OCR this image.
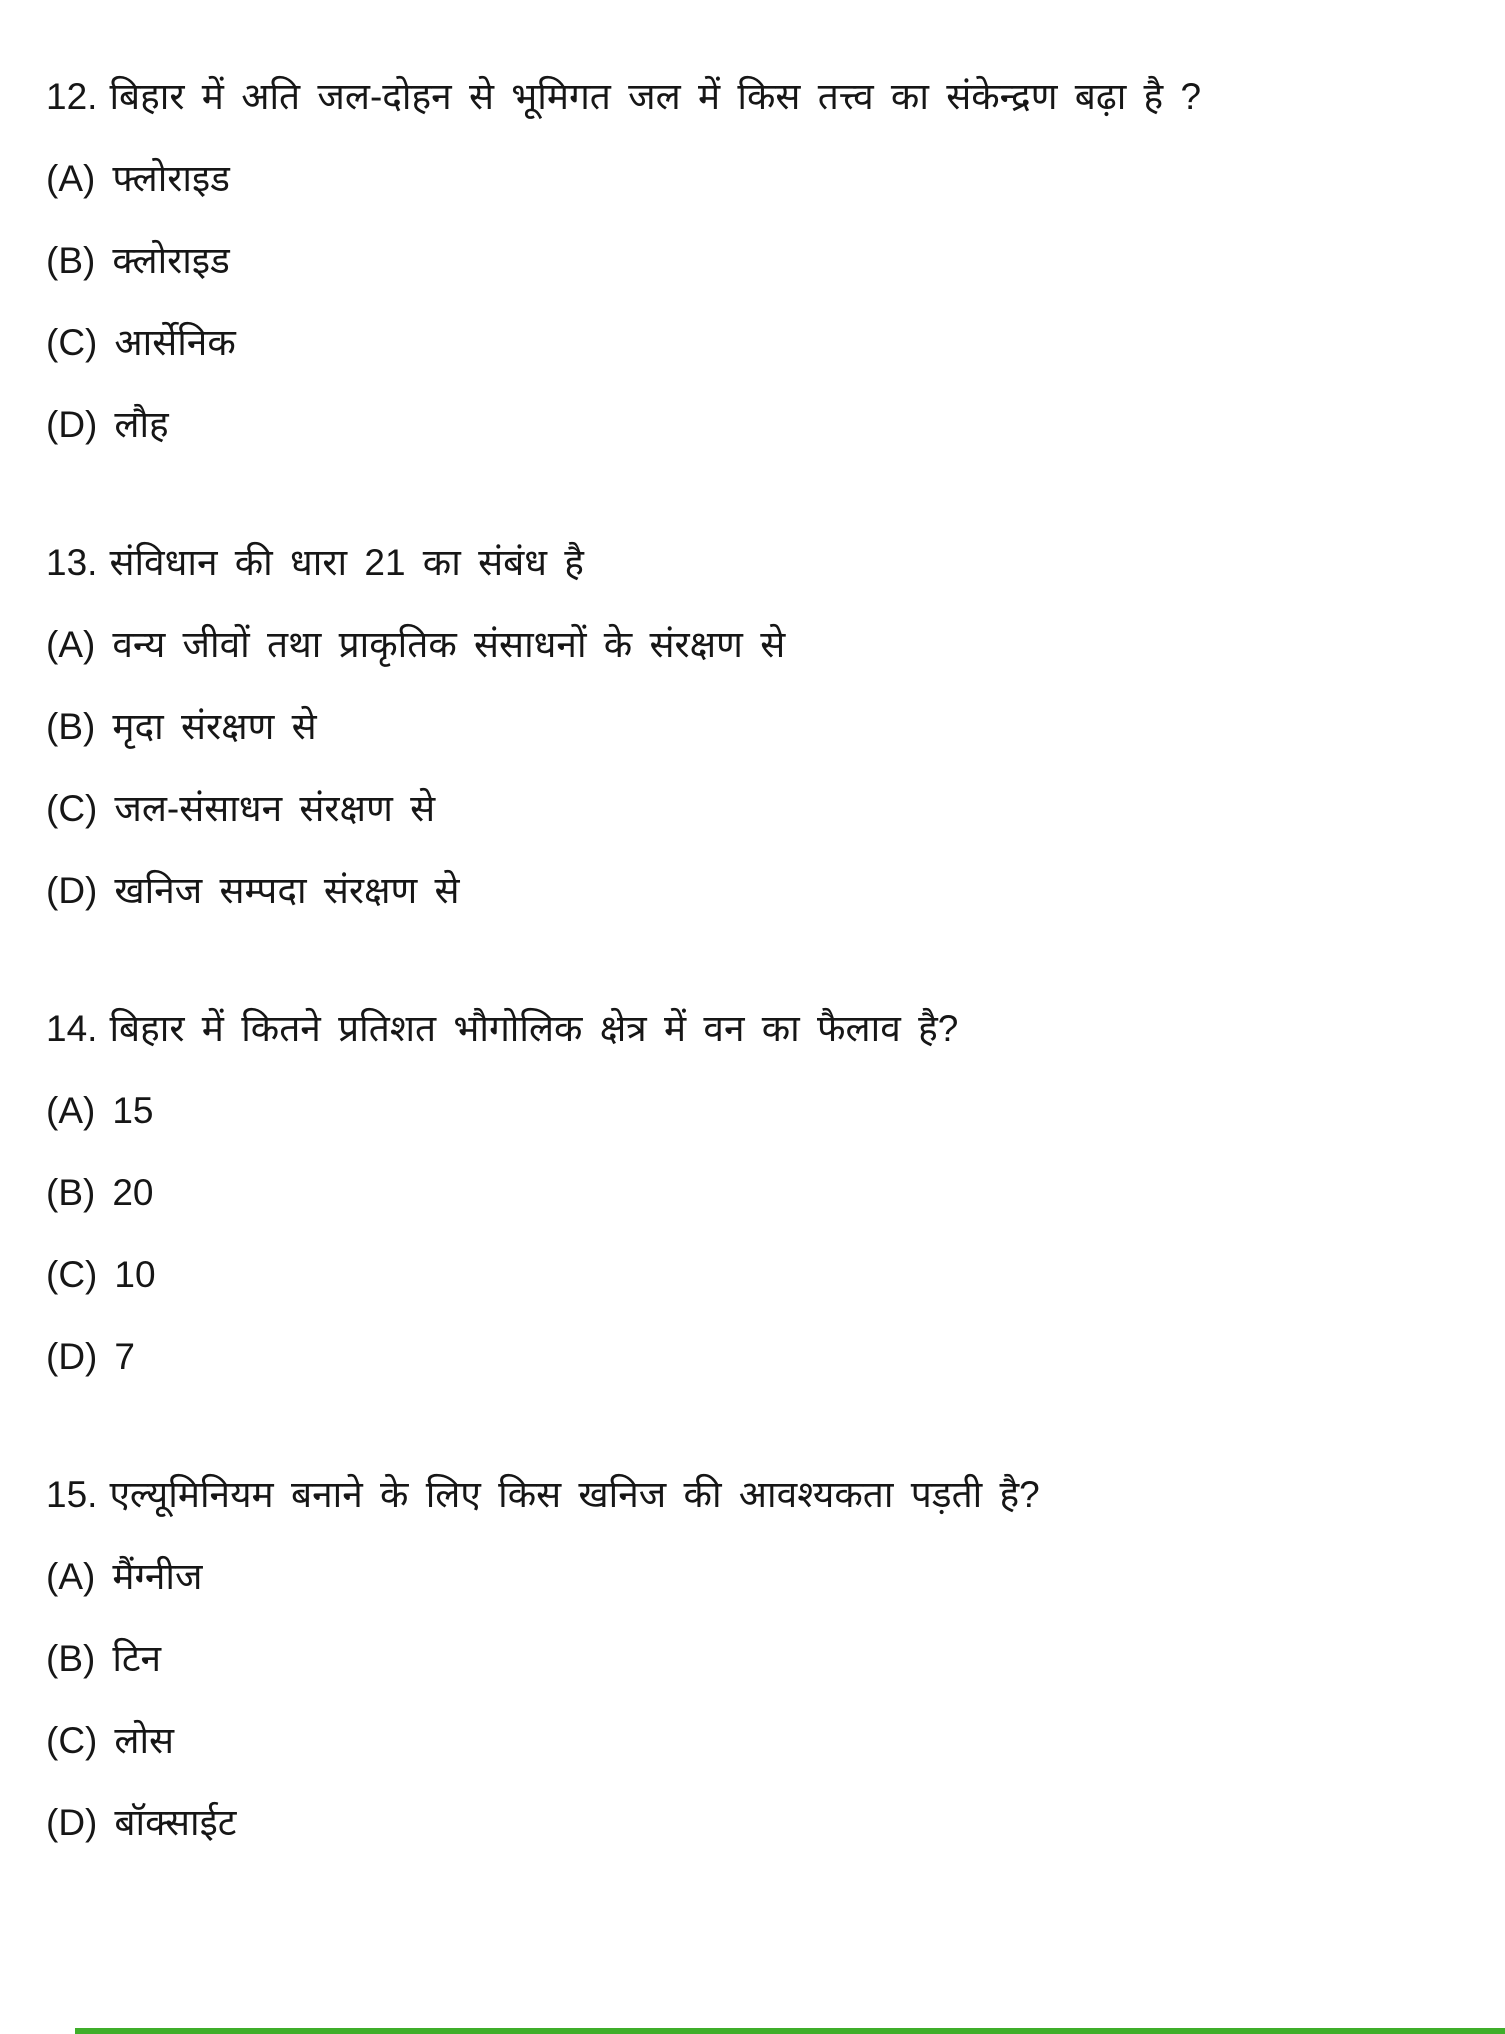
12. बिहार में अति जल-दोहन से भूमिगत जल में किस तत्त्व का संकेन्द्रण बढ़ा है ?
(A) फ्लोराइड
(B) क्लोराइड
(C) आर्सेनिक
(D) लौह
13. संविधान की धारा 21 का संबंध है
(A) वन्य जीवों तथा प्राकृतिक संसाधनों के संरक्षण से
(B) मृदा संरक्षण से
(C) जल-संसाधन संरक्षण से
(D) खनिज सम्पदा संरक्षण से
14. बिहार में कितने प्रतिशत भौगोलिक क्षेत्र में वन का फैलाव है?
(A) 15
(B) 20
(C) 10
(D) 7
15. एल्यूमिनियम बनाने के लिए किस खनिज की आवश्यकता पड़ती है?
(A) मैंग्नीज
(B) टिन
(C) लोस
(D) बॉक्साईट
